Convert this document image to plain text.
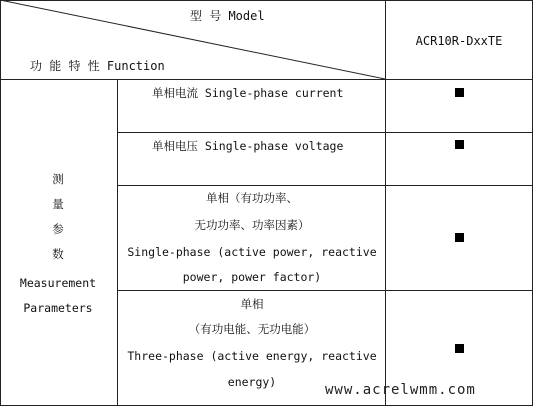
型 号 Model
功 能 特 性 Function
ACR10R-DxxTE
测
量
参
数
Measurement
Parameters
单相电流 Single-phase current
单相电压 Single-phase voltage
单相（有功功率、
无功功率、功率因素）
Single-phase (active power, reactive
power, power factor)
单相
（有功电能、无功电能）
Three-phase (active energy, reactive
energy)	www.acrelwmm.com
